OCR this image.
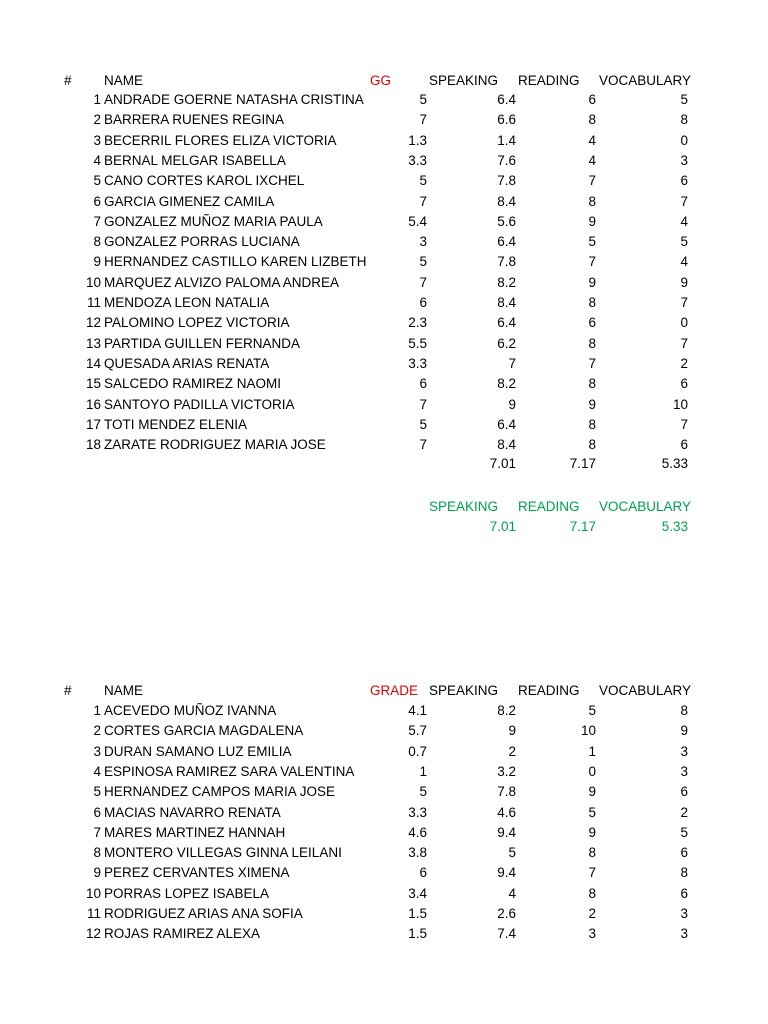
# NAME	GG	SPEAKING READING VOCABULARY
1 ANDRADE GOERNE NATASHA CRISTINA	5	6.4	6	5
2 BARRERA RUENES REGINA	7	6.6	8	8
3 BECERRIL FLORES ELIZA VICTORIA	1.3	1.4	4	0
4 BERNAL MELGAR ISABELLA	3.3	7.6	4	3
5 CANO CORTES KAROL IXCHEL	5	7.8	7	6
6 GARCIA GIMENEZ CAMILA	7	8.4	8	7
7 GONZALEZ MUÑOZ MARIA PAULA	5.4	5.6	9	4
8 GONZALEZ PORRAS LUCIANA	3	6.4	5	5
9 HERNANDEZ CASTILLO KAREN LIZBETH	5	7.8	7	4
10 MARQUEZ ALVIZO PALOMA ANDREA	7	8.2	9	9
11 MENDOZA LEON NATALIA	6	8.4	8	7
12 PALOMINO LOPEZ VICTORIA	2.3	6.4	6	0
13 PARTIDA GUILLEN FERNANDA	5.5	6.2	8	7
14 QUESADA ARIAS RENATA	3.3	7	7	2
15 SALCEDO RAMIREZ NAOMI	6	8.2	8	6
16 SANTOYO PADILLA VICTORIA	7	9	9	10
17 TOTI MENDEZ ELENIA	5	6.4	8	7
18 ZARATE RODRIGUEZ MARIA JOSE	7	8.4	8	6
7.01	7.17	5.33
SPEAKING READING VOCABULARY
7.01	7.17	5.33
# NAME	GRADE SPEAKING READING VOCABULARY
1 ACEVEDO MUÑOZ IVANNA	4.1	8.2	5	8
2 CORTES GARCIA MAGDALENA	5.7	9	10	9
3 DURAN SAMANO LUZ EMILIA	0.7	2	1	3
4 ESPINOSA RAMIREZ SARA VALENTINA	1	3.2	0	3
5 HERNANDEZ CAMPOS MARIA JOSE	5	7.8	9	6
6 MACIAS NAVARRO RENATA	3.3	4.6	5	2
7 MARES MARTINEZ HANNAH	4.6	9.4	9	5
8 MONTERO VILLEGAS GINNA LEILANI	3.8	5	8	6
9 PEREZ CERVANTES XIMENA	6	9.4	7	8
10 PORRAS LOPEZ ISABELA	3.4	4	8	6
11 RODRIGUEZ ARIAS ANA SOFIA	1.5	2.6	2	3
12 ROJAS RAMIREZ ALEXA	1.5	7.4	3	3
